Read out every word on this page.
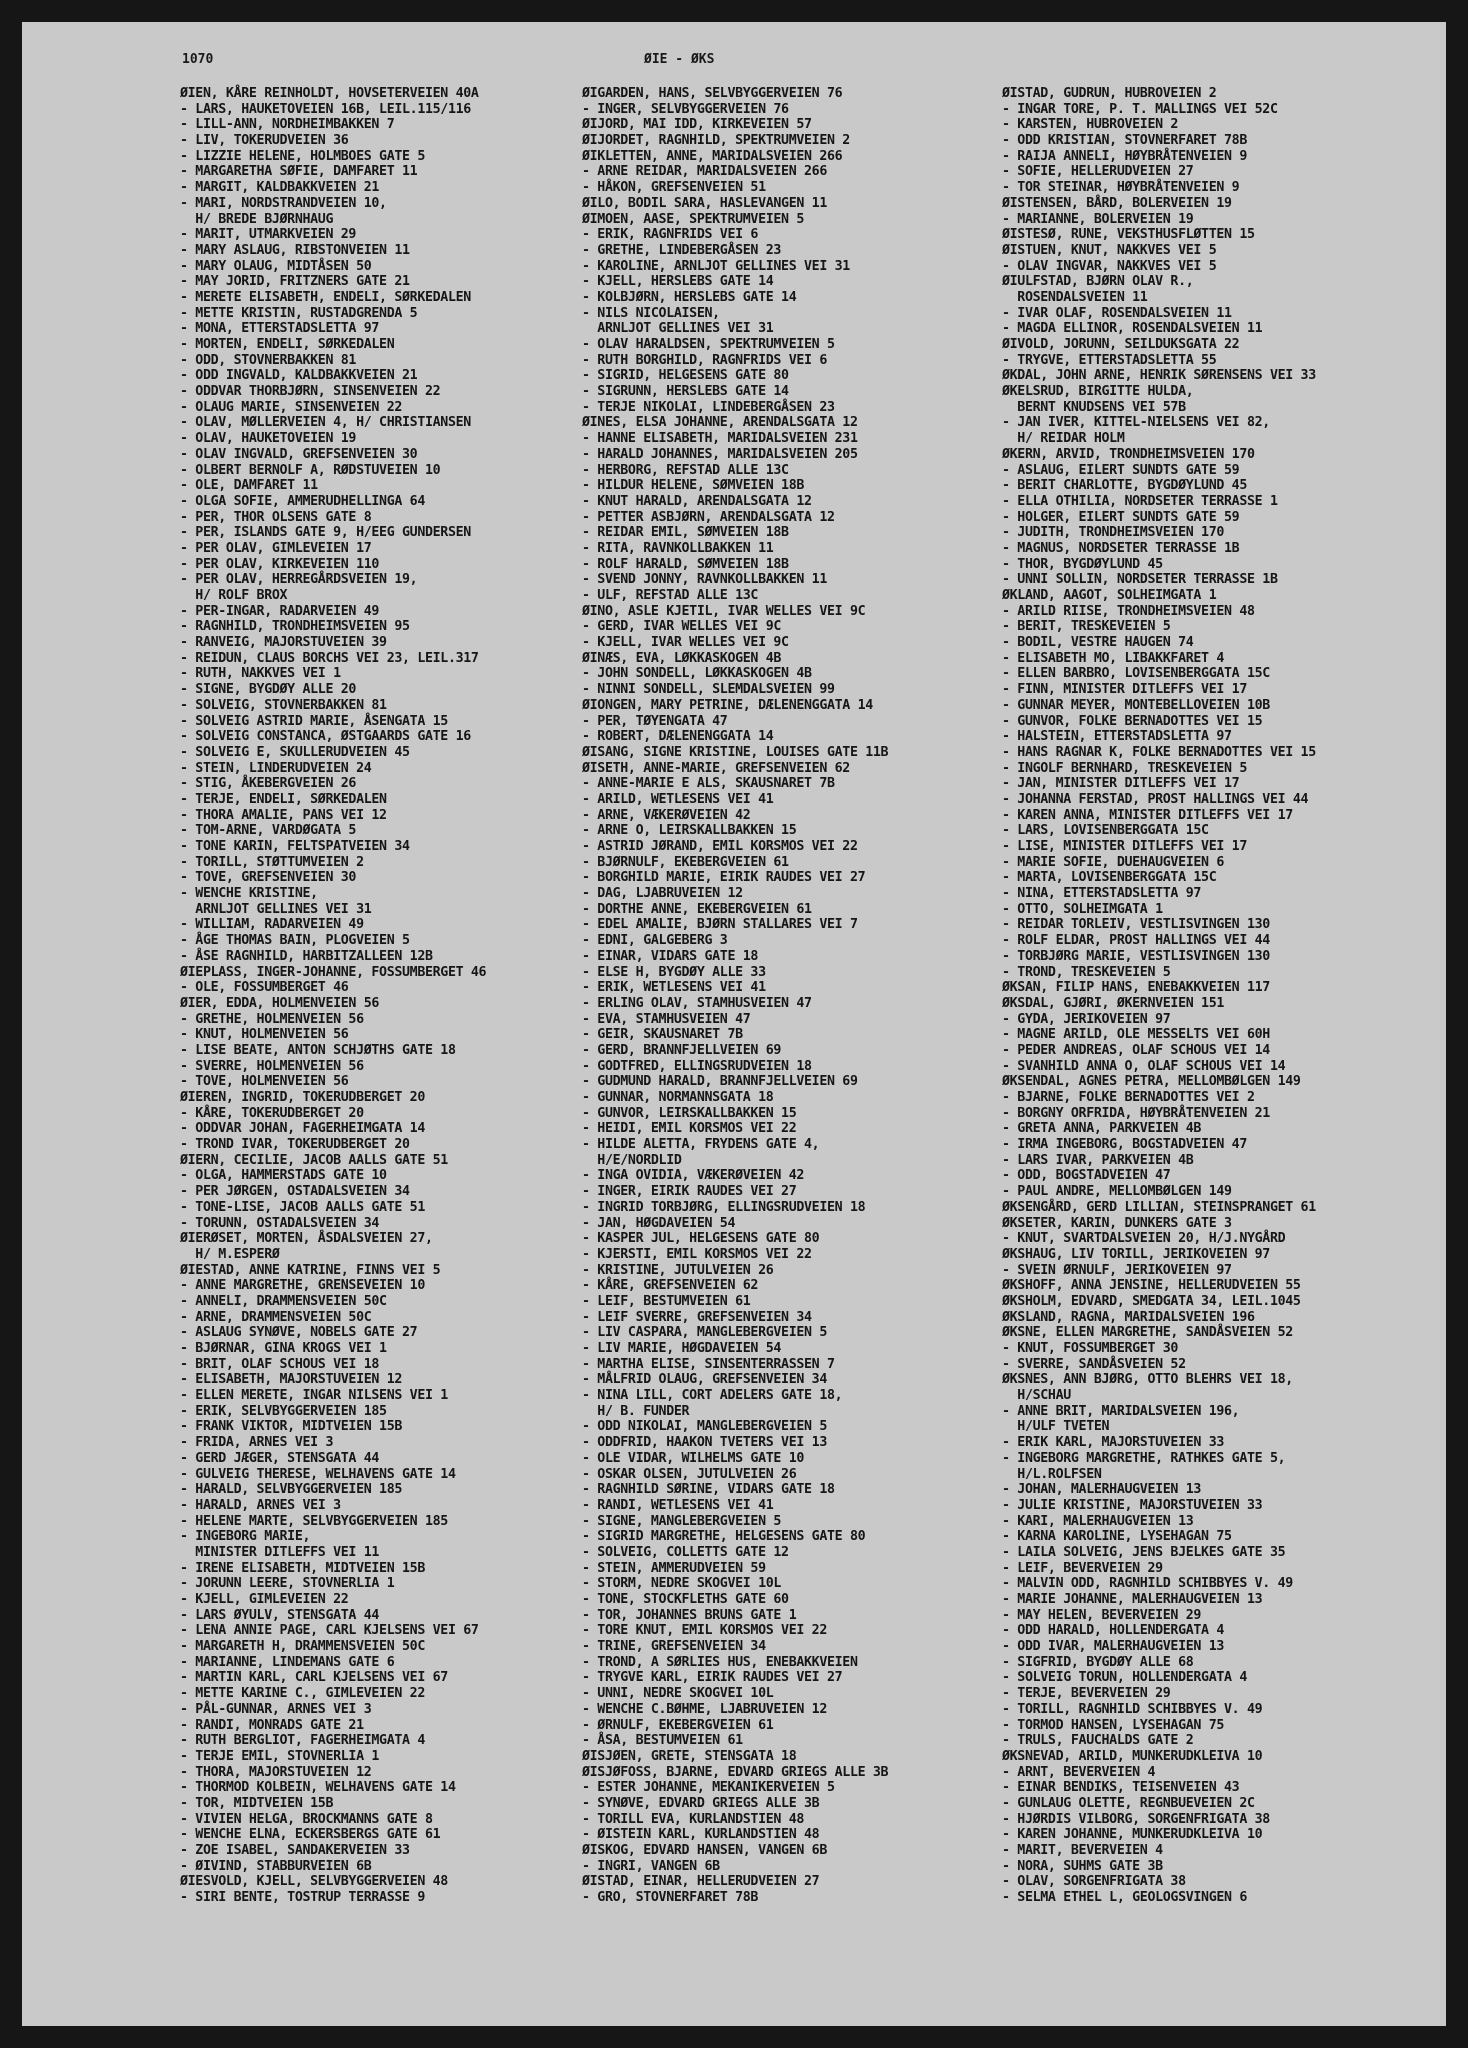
1070	ØIE - ØKS
ØIEN, KÅRE REINHOLDT, HOVSETERVEIEN 40A
- LARS, HAUKETOVEIEN 16B, LEIL.115/116
- LILL-ANN, NORDHEIMBAKKEN 7
- LIV, TOKERUDVEIEN 36
- LIZZIE HELENE, HOLMBOES GATE 5
- MARGARETHA SØFIE, DAMFARET 11
- MARGIT, KALDBAKKVEIEN 21
- MARI, NORDSTRANDVEIEN 10,
H/ BREDE BJØRNHAUG
- MARIT, UTMARKVEIEN 29
- MARY ASLAUG, RIBSTONVEIEN 11
- MARY OLAUG, MIDTÅSEN 50
- MAY JORID, FRITZNERS GATE 21
- MERETE ELISABETH, ENDELI, SØRKEDALEN
- METTE KRISTIN, RUSTADGRENDA 5
- MONA, ETTERSTADSLETTA 97
- MORTEN, ENDELI, SØRKEDALEN
- ODD, STOVNERBAKKEN 81
- ODD INGVALD, KALDBAKKVEIEN 21
- ODDVAR THORBJØRN, SINSENVEIEN 22
- OLAUG MARIE, SINSENVEIEN 22
- OLAV, MØLLERVEIEN 4, H/ CHRISTIANSEN
- OLAV, HAUKETOVEIEN 19
- OLAV INGVALD, GREFSENVEIEN 30
- OLBERT BERNOLF A, RØDSTUVEIEN 10
- OLE, DAMFARET 11
- OLGA SOFIE, AMMERUDHELLINGA 64
- PER, THOR OLSENS GATE 8
- PER, ISLANDS GATE 9, H/EEG GUNDERSEN
- PER OLAV, GIMLEVEIEN 17
- PER OLAV, KIRKEVEIEN 110
- PER OLAV, HERREGÅRDSVEIEN 19,
H/ ROLF BROX
- PER-INGAR, RADARVEIEN 49
- RAGNHILD, TRONDHEIMSVEIEN 95
- RANVEIG, MAJORSTUVEIEN 39
- REIDUN, CLAUS BORCHS VEI 23, LEIL.317
- RUTH, NAKKVES VEI 1
- SIGNE, BYGDØY ALLE 20
- SOLVEIG, STOVNERBAKKEN 81
- SOLVEIG ASTRID MARIE, ÅSENGATA 15
- SOLVEIG CONSTANCA, ØSTGAARDS GATE 16
- SOLVEIG E, SKULLERUDVEIEN 45
- STEIN, LINDERUDVEIEN 24
- STIG, ÅKEBERGVEIEN 26
- TERJE, ENDELI, SØRKEDALEN
- THORA AMALIE, PANS VEI 12
- TOM-ARNE, VARDØGATA 5
- TONE KARIN, FELTSPATVEIEN 34
- TORILL, STØTTUMVEIEN 2
- TOVE, GREFSENVEIEN 30
- WENCHE KRISTINE,
ARNLJOT GELLINES VEI 31
- WILLIAM, RADARVEIEN 49
- ÅGE THOMAS BAIN, PLOGVEIEN 5
- ÅSE RAGNHILD, HARBITZALLEEN 12B
ØIEPLASS, INGER-JOHANNE, FOSSUMBERGET 46
- OLE, FOSSUMBERGET 46
ØIER, EDDA, HOLMENVEIEN 56
- GRETHE, HOLMENVEIEN 56
- KNUT, HOLMENVEIEN 56
- LISE BEATE, ANTON SCHJØTHS GATE 18
- SVERRE, HOLMENVEIEN 56
- TOVE, HOLMENVEIEN 56
ØIEREN, INGRID, TOKERUDBERGET 20
- KÅRE, TOKERUDBERGET 20
- ODDVAR JOHAN, FAGERHEIMGATA 14
- TROND IVAR, TOKERUDBERGET 20
ØIERN, CECILIE, JACOB AALLS GATE 51
- OLGA, HAMMERSTADS GATE 10
- PER JØRGEN, OSTADALSVEIEN 34
- TONE-LISE, JACOB AALLS GATE 51
- TORUNN, OSTADALSVEIEN 34
ØIERØSET, MORTEN, ÅSDALSVEIEN 27,
H/ M.ESPERØ
ØIESTAD, ANNE KATRINE, FINNS VEI 5
- ANNE MARGRETHE, GRENSEVEIEN 10
- ANNELI, DRAMMENSVEIEN 50C
- ARNE, DRAMMENSVEIEN 50C
- ASLAUG SYNØVE, NOBELS GATE 27
- BJØRNAR, GINA KROGS VEI 1
- BRIT, OLAF SCHOUS VEI 18
- ELISABETH, MAJORSTUVEIEN 12
- ELLEN MERETE, INGAR NILSENS VEI 1
- ERIK, SELVBYGGERVEIEN 185
- FRANK VIKTOR, MIDTVEIEN 15B
- FRIDA, ARNES VEI 3
- GERD JÆGER, STENSGATA 44
- GULVEIG THERESE, WELHAVENS GATE 14
- HARALD, SELVBYGGERVEIEN 185
- HARALD, ARNES VEI 3
- HELENE MARTE, SELVBYGGERVEIEN 185
- INGEBORG MARIE,
MINISTER DITLEFFS VEI 11
- IRENE ELISABETH, MIDTVEIEN 15B
- JORUNN LEERE, STOVNERLIA 1
- KJELL, GIMLEVEIEN 22
- LARS ØYULV, STENSGATA 44
- LENA ANNIE PAGE, CARL KJELSENS VEI 67
- MARGARETH H, DRAMMENSVEIEN 50C
- MARIANNE, LINDEMANS GATE 6
- MARTIN KARL, CARL KJELSENS VEI 67
- METTE KARINE C., GIMLEVEIEN 22
- PÅL-GUNNAR, ARNES VEI 3
- RANDI, MONRADS GATE 21
- RUTH BERGLIOT, FAGERHEIMGATA 4
- TERJE EMIL, STOVNERLIA 1
- THORA, MAJORSTUVEIEN 12
- THORMOD KOLBEIN, WELHAVENS GATE 14
- TOR, MIDTVEIEN 15B
- VIVIEN HELGA, BROCKMANNS GATE 8
- WENCHE ELNA, ECKERSBERGS GATE 61
- ZOE ISABEL, SANDAKERVEIEN 33
- ØIVIND, STABBURVEIEN 6B
ØIESVOLD, KJELL, SELVBYGGERVEIEN 48
- SIRI BENTE, TOSTRUP TERRASSE 9
ØIGARDEN, HANS, SELVBYGGERVEIEN 76
- INGER, SELVBYGGERVEIEN 76
ØIJORD, MAI IDD, KIRKEVEIEN 57
ØIJORDET, RAGNHILD, SPEKTRUMVEIEN 2
ØIKLETTEN, ANNE, MARIDALSVEIEN 266
- ARNE REIDAR, MARIDALSVEIEN 266
- HÅKON, GREFSENVEIEN 51
ØILO, BODIL SARA, HASLEVANGEN 11
ØIMOEN, AASE, SPEKTRUMVEIEN 5
- ERIK, RAGNFRIDS VEI 6
- GRETHE, LINDEBERGÅSEN 23
- KAROLINE, ARNLJOT GELLINES VEI 31
- KJELL, HERSLEBS GATE 14
- KOLBJØRN, HERSLEBS GATE 14
- NILS NICOLAISEN,
ARNLJOT GELLINES VEI 31
- OLAV HARALDSEN, SPEKTRUMVEIEN 5
- RUTH BORGHILD, RAGNFRIDS VEI 6
- SIGRID, HELGESENS GATE 80
- SIGRUNN, HERSLEBS GATE 14
- TERJE NIKOLAI, LINDEBERGÅSEN 23
ØINES, ELSA JOHANNE, ARENDALSGATA 12
- HANNE ELISABETH, MARIDALSVEIEN 231
- HARALD JOHANNES, MARIDALSVEIEN 205
- HERBORG, REFSTAD ALLE 13C
- HILDUR HELENE, SØMVEIEN 18B
- KNUT HARALD, ARENDALSGATA 12
- PETTER ASBJØRN, ARENDALSGATA 12
- REIDAR EMIL, SØMVEIEN 18B
- RITA, RAVNKOLLBAKKEN 11
- ROLF HARALD, SØMVEIEN 18B
- SVEND JONNY, RAVNKOLLBAKKEN 11
- ULF, REFSTAD ALLE 13C
ØINO, ASLE KJETIL, IVAR WELLES VEI 9C
- GERD, IVAR WELLES VEI 9C
- KJELL, IVAR WELLES VEI 9C
ØINÆS, EVA, LØKKASKOGEN 4B
- JOHN SONDELL, LØKKASKOGEN 4B
- NINNI SONDELL, SLEMDALSVEIEN 99
ØIONGEN, MARY PETRINE, DÆLENENGGATA 14
- PER, TØYENGATA 47
- ROBERT, DÆLENENGGATA 14
ØISANG, SIGNE KRISTINE, LOUISES GATE 11B
ØISETH, ANNE-MARIE, GREFSENVEIEN 62
- ANNE-MARIE E ALS, SKAUSNARET 7B
- ARILD, WETLESENS VEI 41
- ARNE, VÆKERØVEIEN 42
- ARNE O, LEIRSKALLBAKKEN 15
- ASTRID JØRAND, EMIL KORSMOS VEI 22
- BJØRNULF, EKEBERGVEIEN 61
- BORGHILD MARIE, EIRIK RAUDES VEI 27
- DAG, LJABRUVEIEN 12
- DORTHE ANNE, EKEBERGVEIEN 61
- EDEL AMALIE, BJØRN STALLARES VEI 7
- EDNI, GALGEBERG 3
- EINAR, VIDARS GATE 18
- ELSE H, BYGDØY ALLE 33
- ERIK, WETLESENS VEI 41
- ERLING OLAV, STAMHUSVEIEN 47
- EVA, STAMHUSVEIEN 47
- GEIR, SKAUSNARET 7B
- GERD, BRANNFJELLVEIEN 69
- GODTFRED, ELLINGSRUDVEIEN 18
- GUDMUND HARALD, BRANNFJELLVEIEN 69
- GUNNAR, NORMANNSGATA 18
- GUNVOR, LEIRSKALLBAKKEN 15
- HEIDI, EMIL KORSMOS VEI 22
- HILDE ALETTA, FRYDENS GATE 4,
H/E/NORDLID
- INGA OVIDIA, VÆKERØVEIEN 42
- INGER, EIRIK RAUDES VEI 27
- INGRID TORBJØRG, ELLINGSRUDVEIEN 18
- JAN, HØGDAVEIEN 54
- KASPER JUL, HELGESENS GATE 80
- KJERSTI, EMIL KORSMOS VEI 22
- KRISTINE, JUTULVEIEN 26
- KÅRE, GREFSENVEIEN 62
- LEIF, BESTUMVEIEN 61
- LEIF SVERRE, GREFSENVEIEN 34
- LIV CASPARA, MANGLEBERGVEIEN 5
- LIV MARIE, HØGDAVEIEN 54
- MARTHA ELISE, SINSENTERRASSEN 7
- MÅLFRID OLAUG, GREFSENVEIEN 34
- NINA LILL, CORT ADELERS GATE 18,
H/ B. FUNDER
- ODD NIKOLAI, MANGLEBERGVEIEN 5
- ODDFRID, HAAKON TVETERS VEI 13
- OLE VIDAR, WILHELMS GATE 10
- OSKAR OLSEN, JUTULVEIEN 26
- RAGNHILD SØRINE, VIDARS GATE 18
- RANDI, WETLESENS VEI 41
- SIGNE, MANGLEBERGVEIEN 5
- SIGRID MARGRETHE, HELGESENS GATE 80
- SOLVEIG, COLLETTS GATE 12
- STEIN, AMMERUDVEIEN 59
- STORM, NEDRE SKOGVEI 10L
- TONE, STOCKFLETHS GATE 60
- TOR, JOHANNES BRUNS GATE 1
- TORE KNUT, EMIL KORSMOS VEI 22
- TRINE, GREFSENVEIEN 34
- TROND, A SØRLIES HUS, ENEBAKKVEIEN
- TRYGVE KARL, EIRIK RAUDES VEI 27
- UNNI, NEDRE SKOGVEI 10L
- WENCHE C.BØHME, LJABRUVEIEN 12
- ØRNULF, EKEBERGVEIEN 61
- ÅSA, BESTUMVEIEN 61
ØISJØEN, GRETE, STENSGATA 18
ØISJØFOSS, BJARNE, EDVARD GRIEGS ALLE 3B
- ESTER JOHANNE, MEKANIKERVEIEN 5
- SYNØVE, EDVARD GRIEGS ALLE 3B
- TORILL EVA, KURLANDSTIEN 48
- ØISTEIN KARL, KURLANDSTIEN 48
ØISKOG, EDVARD HANSEN, VANGEN 6B
- INGRI, VANGEN 6B
ØISTAD, EINAR, HELLERUDVEIEN 27
- GRO, STOVNERFARET 78B
ØISTAD, GUDRUN, HUBROVEIEN 2
- INGAR TORE, P. T. MALLINGS VEI 52C
- KARSTEN, HUBROVEIEN 2
- ODD KRISTIAN, STOVNERFARET 78B
- RAIJA ANNELI, HØYBRÅTENVEIEN 9
- SOFIE, HELLERUDVEIEN 27
- TOR STEINAR, HØYBRÅTENVEIEN 9
ØISTENSEN, BÅRD, BOLERVEIEN 19
- MARIANNE, BOLERVEIEN 19
ØISTESØ, RUNE, VEKSTHUSFLØTTEN 15
ØISTUEN, KNUT, NAKKVES VEI 5
- OLAV INGVAR, NAKKVES VEI 5
ØIULFSTAD, BJØRN OLAV R.,
ROSENDALSVEIEN 11
- IVAR OLAF, ROSENDALSVEIEN 11
- MAGDA ELLINOR, ROSENDALSVEIEN 11
ØIVOLD, JORUNN, SEILDUKSGATA 22
- TRYGVE, ETTERSTADSLETTA 55
ØKDAL, JOHN ARNE, HENRIK SØRENSENS VEI 33
ØKELSRUD, BIRGITTE HULDA,
BERNT KNUDSENS VEI 57B
- JAN IVER, KITTEL-NIELSENS VEI 82,
H/ REIDAR HOLM
ØKERN, ARVID, TRONDHEIMSVEIEN 170
- ASLAUG, EILERT SUNDTS GATE 59
- BERIT CHARLOTTE, BYGDØYLUND 45
- ELLA OTHILIA, NORDSETER TERRASSE 1
- HOLGER, EILERT SUNDTS GATE 59
- JUDITH, TRONDHEIMSVEIEN 170
- MAGNUS, NORDSETER TERRASSE 1B
- THOR, BYGDØYLUND 45
- UNNI SOLLIN, NORDSETER TERRASSE 1B
ØKLAND, AAGOT, SOLHEIMGATA 1
- ARILD RIISE, TRONDHEIMSVEIEN 48
- BERIT, TRESKEVEIEN 5
- BODIL, VESTRE HAUGEN 74
- ELISABETH MO, LIBAKKFARET 4
- ELLEN BARBRO, LOVISENBERGGATA 15C
- FINN, MINISTER DITLEFFS VEI 17
- GUNNAR MEYER, MONTEBELLOVEIEN 10B
- GUNVOR, FOLKE BERNADOTTES VEI 15
- HALSTEIN, ETTERSTADSLETTA 97
- HANS RAGNAR K, FOLKE BERNADOTTES VEI 15
- INGOLF BERNHARD, TRESKEVEIEN 5
- JAN, MINISTER DITLEFFS VEI 17
- JOHANNA FERSTAD, PROST HALLINGS VEI 44
- KAREN ANNA, MINISTER DITLEFFS VEI 17
- LARS, LOVISENBERGGATA 15C
- LISE, MINISTER DITLEFFS VEI 17
- MARIE SOFIE, DUEHAUGVEIEN 6
- MARTA, LOVISENBERGGATA 15C
- NINA, ETTERSTADSLETTA 97
- OTTO, SOLHEIMGATA 1
- REIDAR TORLEIV, VESTLISVINGEN 130
- ROLF ELDAR, PROST HALLINGS VEI 44
- TORBJØRG MARIE, VESTLISVINGEN 130
- TROND, TRESKEVEIEN 5
ØKSAN, FILIP HANS, ENEBAKKVEIEN 117
ØKSDAL, GJØRI, ØKERNVEIEN 151
- GYDA, JERIKOVEIEN 97
- MAGNE ARILD, OLE MESSELTS VEI 60H
- PEDER ANDREAS, OLAF SCHOUS VEI 14
- SVANHILD ANNA O, OLAF SCHOUS VEI 14
ØKSENDAL, AGNES PETRA, MELLOMBØLGEN 149
- BJARNE, FOLKE BERNADOTTES VEI 2
- BORGNY ORFRIDA, HØYBRÅTENVEIEN 21
- GRETA ANNA, PARKVEIEN 4B
- IRMA INGEBORG, BOGSTADVEIEN 47
- LARS IVAR, PARKVEIEN 4B
- ODD, BOGSTADVEIEN 47
- PAUL ANDRE, MELLOMBØLGEN 149
ØKSENGÅRD, GERD LILLIAN, STEINSPRANGET 61
ØKSETER, KARIN, DUNKERS GATE 3
- KNUT, SVARTDALSVEIEN 20, H/J.NYGÅRD
ØKSHAUG, LIV TORILL, JERIKOVEIEN 97
- SVEIN ØRNULF, JERIKOVEIEN 97
ØKSHOFF, ANNA JENSINE, HELLERUDVEIEN 55
ØKSHOLM, EDVARD, SMEDGATA 34, LEIL.1045
ØKSLAND, RAGNA, MARIDALSVEIEN 196
ØKSNE, ELLEN MARGRETHE, SANDÅSVEIEN 52
- KNUT, FOSSUMBERGET 30
- SVERRE, SANDÅSVEIEN 52
ØKSNES, ANN BJØRG, OTTO BLEHRS VEI 18,
H/SCHAU
- ANNE BRIT, MARIDALSVEIEN 196,
H/ULF TVETEN
- ERIK KARL, MAJORSTUVEIEN 33
- INGEBORG MARGRETHE, RATHKES GATE 5,
H/L.ROLFSEN
- JOHAN, MALERHAUGVEIEN 13
- JULIE KRISTINE, MAJORSTUVEIEN 33
- KARI, MALERHAUGVEIEN 13
- KARNA KAROLINE, LYSEHAGAN 75
- LAILA SOLVEIG, JENS BJELKES GATE 35
- LEIF, BEVERVEIEN 29
- MALVIN ODD, RAGNHILD SCHIBBYES V. 49
- MARIE JOHANNE, MALERHAUGVEIEN 13
- MAY HELEN, BEVERVEIEN 29
- ODD HARALD, HOLLENDERGATA 4
- ODD IVAR, MALERHAUGVEIEN 13
- SIGFRID, BYGDØY ALLE 68
- SOLVEIG TORUN, HOLLENDERGATA 4
- TERJE, BEVERVEIEN 29
- TORILL, RAGNHILD SCHIBBYES V. 49
- TORMOD HANSEN, LYSEHAGAN 75
- TRULS, FAUCHALDS GATE 2
ØKSNEVAD, ARILD, MUNKERUDKLEIVA 10
- ARNT, BEVERVEIEN 4
- EINAR BENDIKS, TEISENVEIEN 43
- GUNLAUG OLETTE, REGNBUEVEIEN 2C
- HJØRDIS VILBORG, SORGENFRIGATA 38
- KAREN JOHANNE, MUNKERUDKLEIVA 10
- MARIT, BEVERVEIEN 4
- NORA, SUHMS GATE 3B
- OLAV, SORGENFRIGATA 38
- SELMA ETHEL L, GEOLOGSVINGEN 6
